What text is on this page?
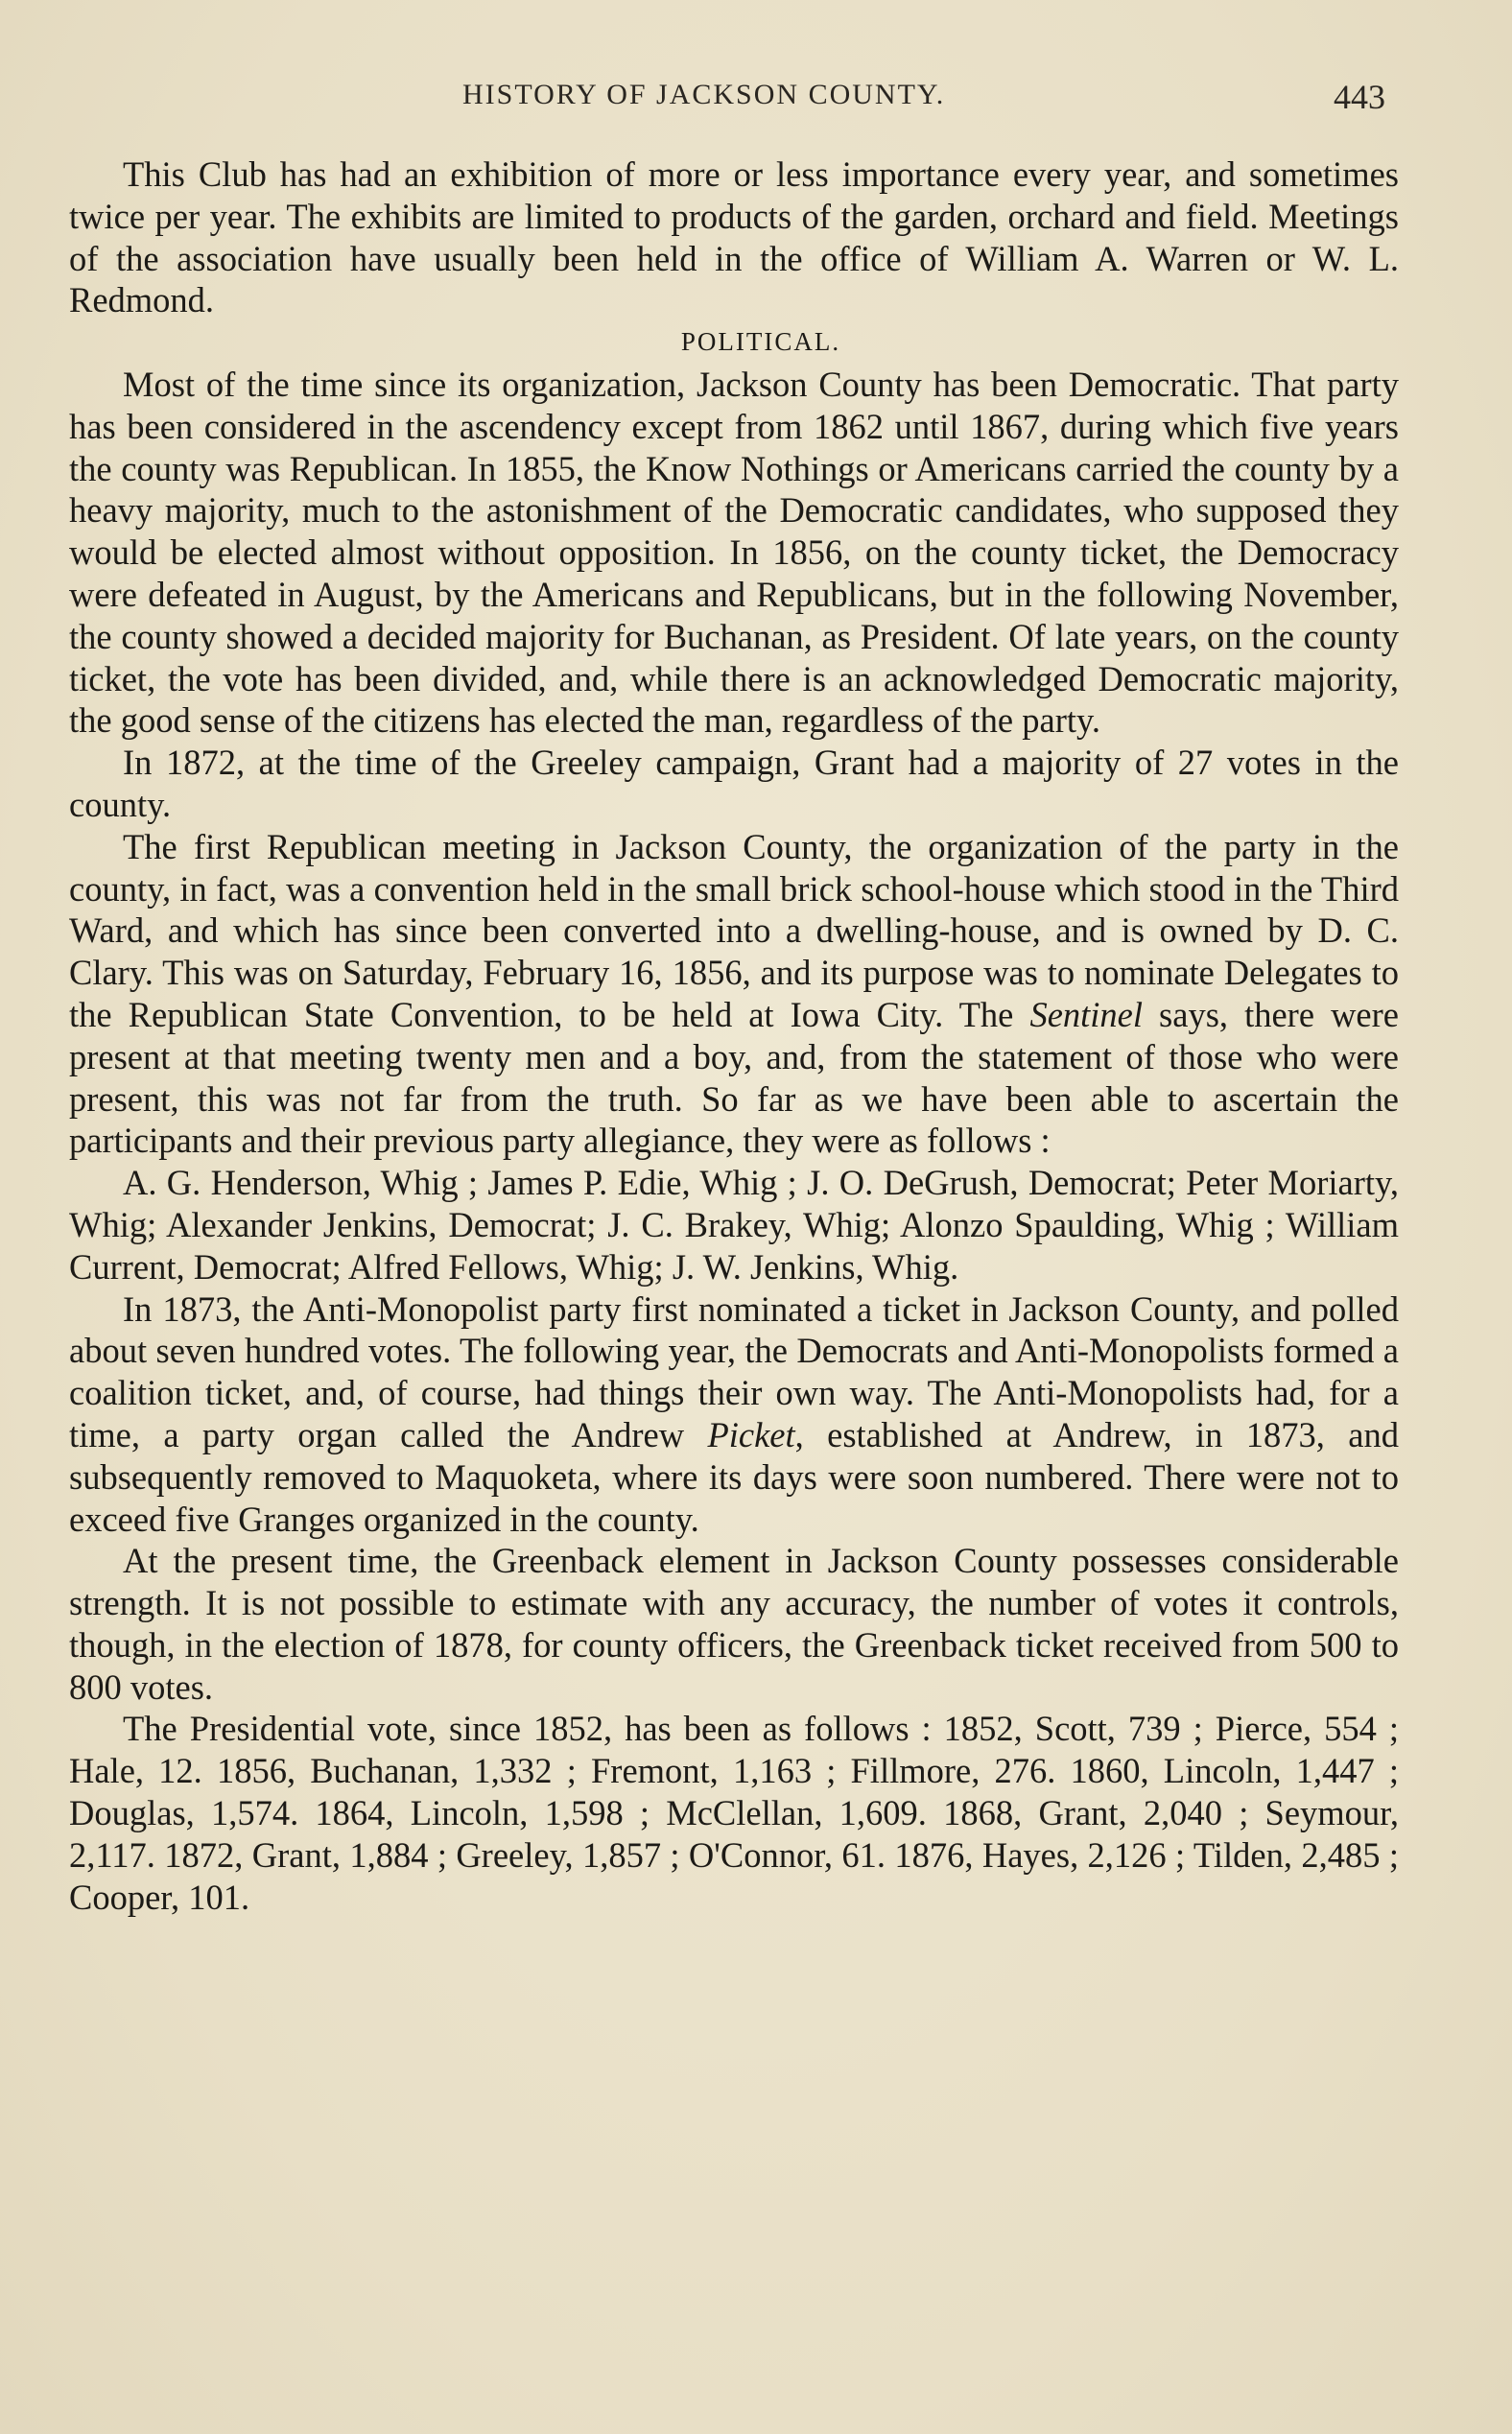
HISTORY OF JACKSON COUNTY.	443

This Club has had an exhibition of more or less importance every year, and sometimes twice per year. The exhibits are limited to products of the garden, orchard and field. Meetings of the association have usually been held in the office of William A. Warren or W. L. Redmond.

POLITICAL.

Most of the time since its organization, Jackson County has been Democratic. That party has been considered in the ascendency except from 1862 until 1867, during which five years the county was Republican. In 1855, the Know Nothings or Americans carried the county by a heavy majority, much to the astonishment of the Democratic candidates, who supposed they would be elected almost without opposition. In 1856, on the county ticket, the Democracy were defeated in August, by the Americans and Republicans, but in the following November, the county showed a decided majority for Buchanan, as President. Of late years, on the county ticket, the vote has been divided, and, while there is an acknowledged Democratic majority, the good sense of the citizens has elected the man, regardless of the party.

In 1872, at the time of the Greeley campaign, Grant had a majority of 27 votes in the county.

The first Republican meeting in Jackson County, the organization of the party in the county, in fact, was a convention held in the small brick school-house which stood in the Third Ward, and which has since been converted into a dwelling-house, and is owned by D. C. Clary. This was on Saturday, February 16, 1856, and its purpose was to nominate Delegates to the Republican State Convention, to be held at Iowa City. The Sentinel says, there were present at that meeting twenty men and a boy, and, from the statement of those who were present, this was not far from the truth. So far as we have been able to ascertain the participants and their previous party allegiance, they were as follows :

A. G. Henderson, Whig ; James P. Edie, Whig ; J. O. DeGrush, Democrat; Peter Moriarty, Whig; Alexander Jenkins, Democrat; J. C. Brakey, Whig; Alonzo Spaulding, Whig ; William Current, Democrat; Alfred Fellows, Whig; J. W. Jenkins, Whig.

In 1873, the Anti-Monopolist party first nominated a ticket in Jackson County, and polled about seven hundred votes. The following year, the Democrats and Anti-Monopolists formed a coalition ticket, and, of course, had things their own way. The Anti-Monopolists had, for a time, a party organ called the Andrew Picket, established at Andrew, in 1873, and subsequently removed to Maquoketa, where its days were soon numbered. There were not to exceed five Granges organized in the county.

At the present time, the Greenback element in Jackson County possesses considerable strength. It is not possible to estimate with any accuracy, the number of votes it controls, though, in the election of 1878, for county officers, the Greenback ticket received from 500 to 800 votes.

The Presidential vote, since 1852, has been as follows : 1852, Scott, 739 ; Pierce, 554 ; Hale, 12. 1856, Buchanan, 1,332 ; Fremont, 1,163 ; Fillmore, 276. 1860, Lincoln, 1,447 ; Douglas, 1,574. 1864, Lincoln, 1,598 ; McClellan, 1,609. 1868, Grant, 2,040 ; Seymour, 2,117. 1872, Grant, 1,884 ; Greeley, 1,857 ; O'Connor, 61. 1876, Hayes, 2,126 ; Tilden, 2,485 ; Cooper, 101.
